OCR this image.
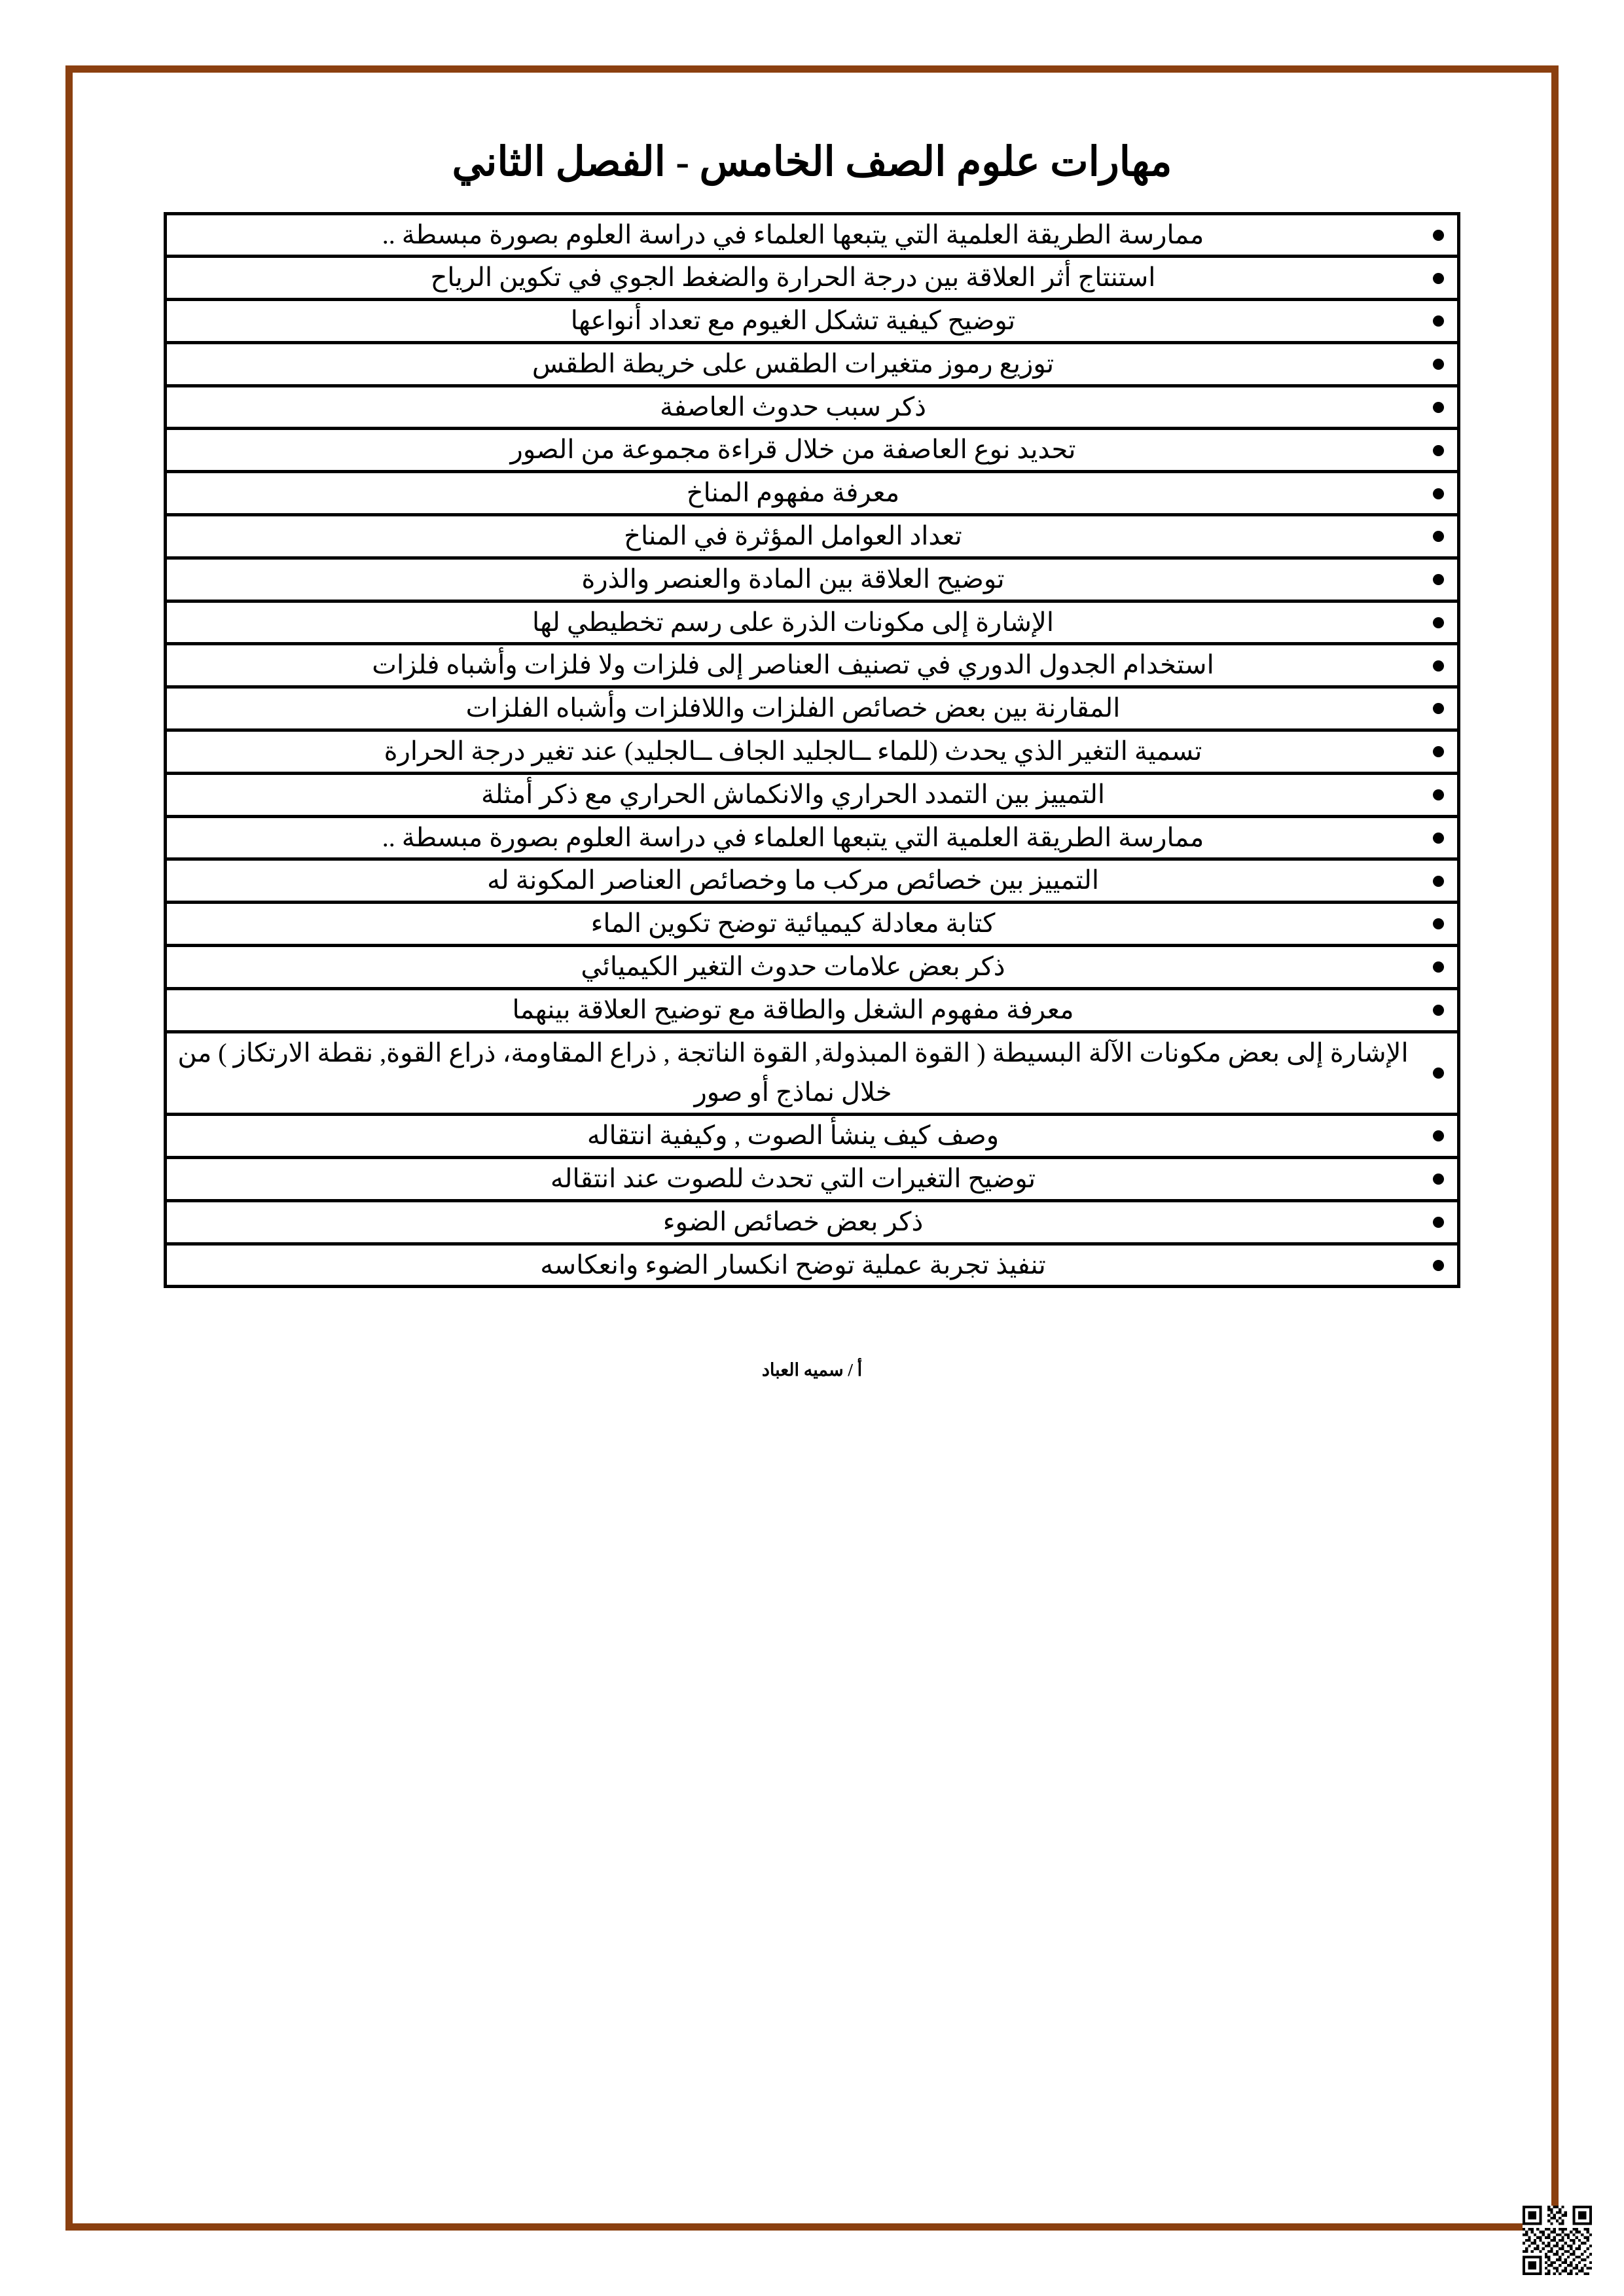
مهارات علوم الصف الخامس - الفصل الثاني
	ممارسة الطريقة العلمية التي يتبعها العلماء في دراسة العلوم بصورة مبسطة ..
	استنتاج أثر العلاقة بين درجة الحرارة والضغط الجوي في تكوين الرياح
	توضيح كيفية تشكل الغيوم مع تعداد أنواعها
	توزيع رموز متغيرات الطقس على خريطة الطقس
	ذكر سبب حدوث العاصفة
	تحديد نوع العاصفة من خلال قراءة مجموعة من الصور
	معرفة مفهوم المناخ
	تعداد العوامل المؤثرة في المناخ
	توضيح العلاقة بين المادة والعنصر والذرة
	الإشارة إلى مكونات الذرة على رسم تخطيطي لها
	استخدام الجدول الدوري في تصنيف العناصر إلى فلزات ولا فلزات وأشباه فلزات
	المقارنة بين بعض خصائص الفلزات واللافلزات وأشباه الفلزات
	تسمية التغير الذي يحدث (للماء ــالجليد الجاف ــالجليد) عند تغير درجة الحرارة
	التمييز بين التمدد الحراري والانكماش الحراري مع ذكر أمثلة
	ممارسة الطريقة العلمية التي يتبعها العلماء في دراسة العلوم بصورة مبسطة ..
	التمييز بين خصائص مركب ما وخصائص العناصر المكونة له
	كتابة معادلة كيميائية توضح تكوين الماء
	ذكر بعض علامات حدوث التغير الكيميائي
	معرفة مفهوم الشغل والطاقة مع توضيح العلاقة بينهما
	الإشارة إلى بعض مكونات الآلة البسيطة ( القوة المبذولة, القوة الناتجة , ذراع المقاومة، ذراع القوة, نقطة الارتكاز ) من خلال نماذج أو صور
	وصف كيف ينشأ الصوت , وكيفية انتقاله
	توضيح التغيرات التي تحدث للصوت عند انتقاله
	ذكر بعض خصائص الضوء
	تنفيذ تجربة عملية توضح انكسار الضوء وانعكاسه
أ / سميه العباد
